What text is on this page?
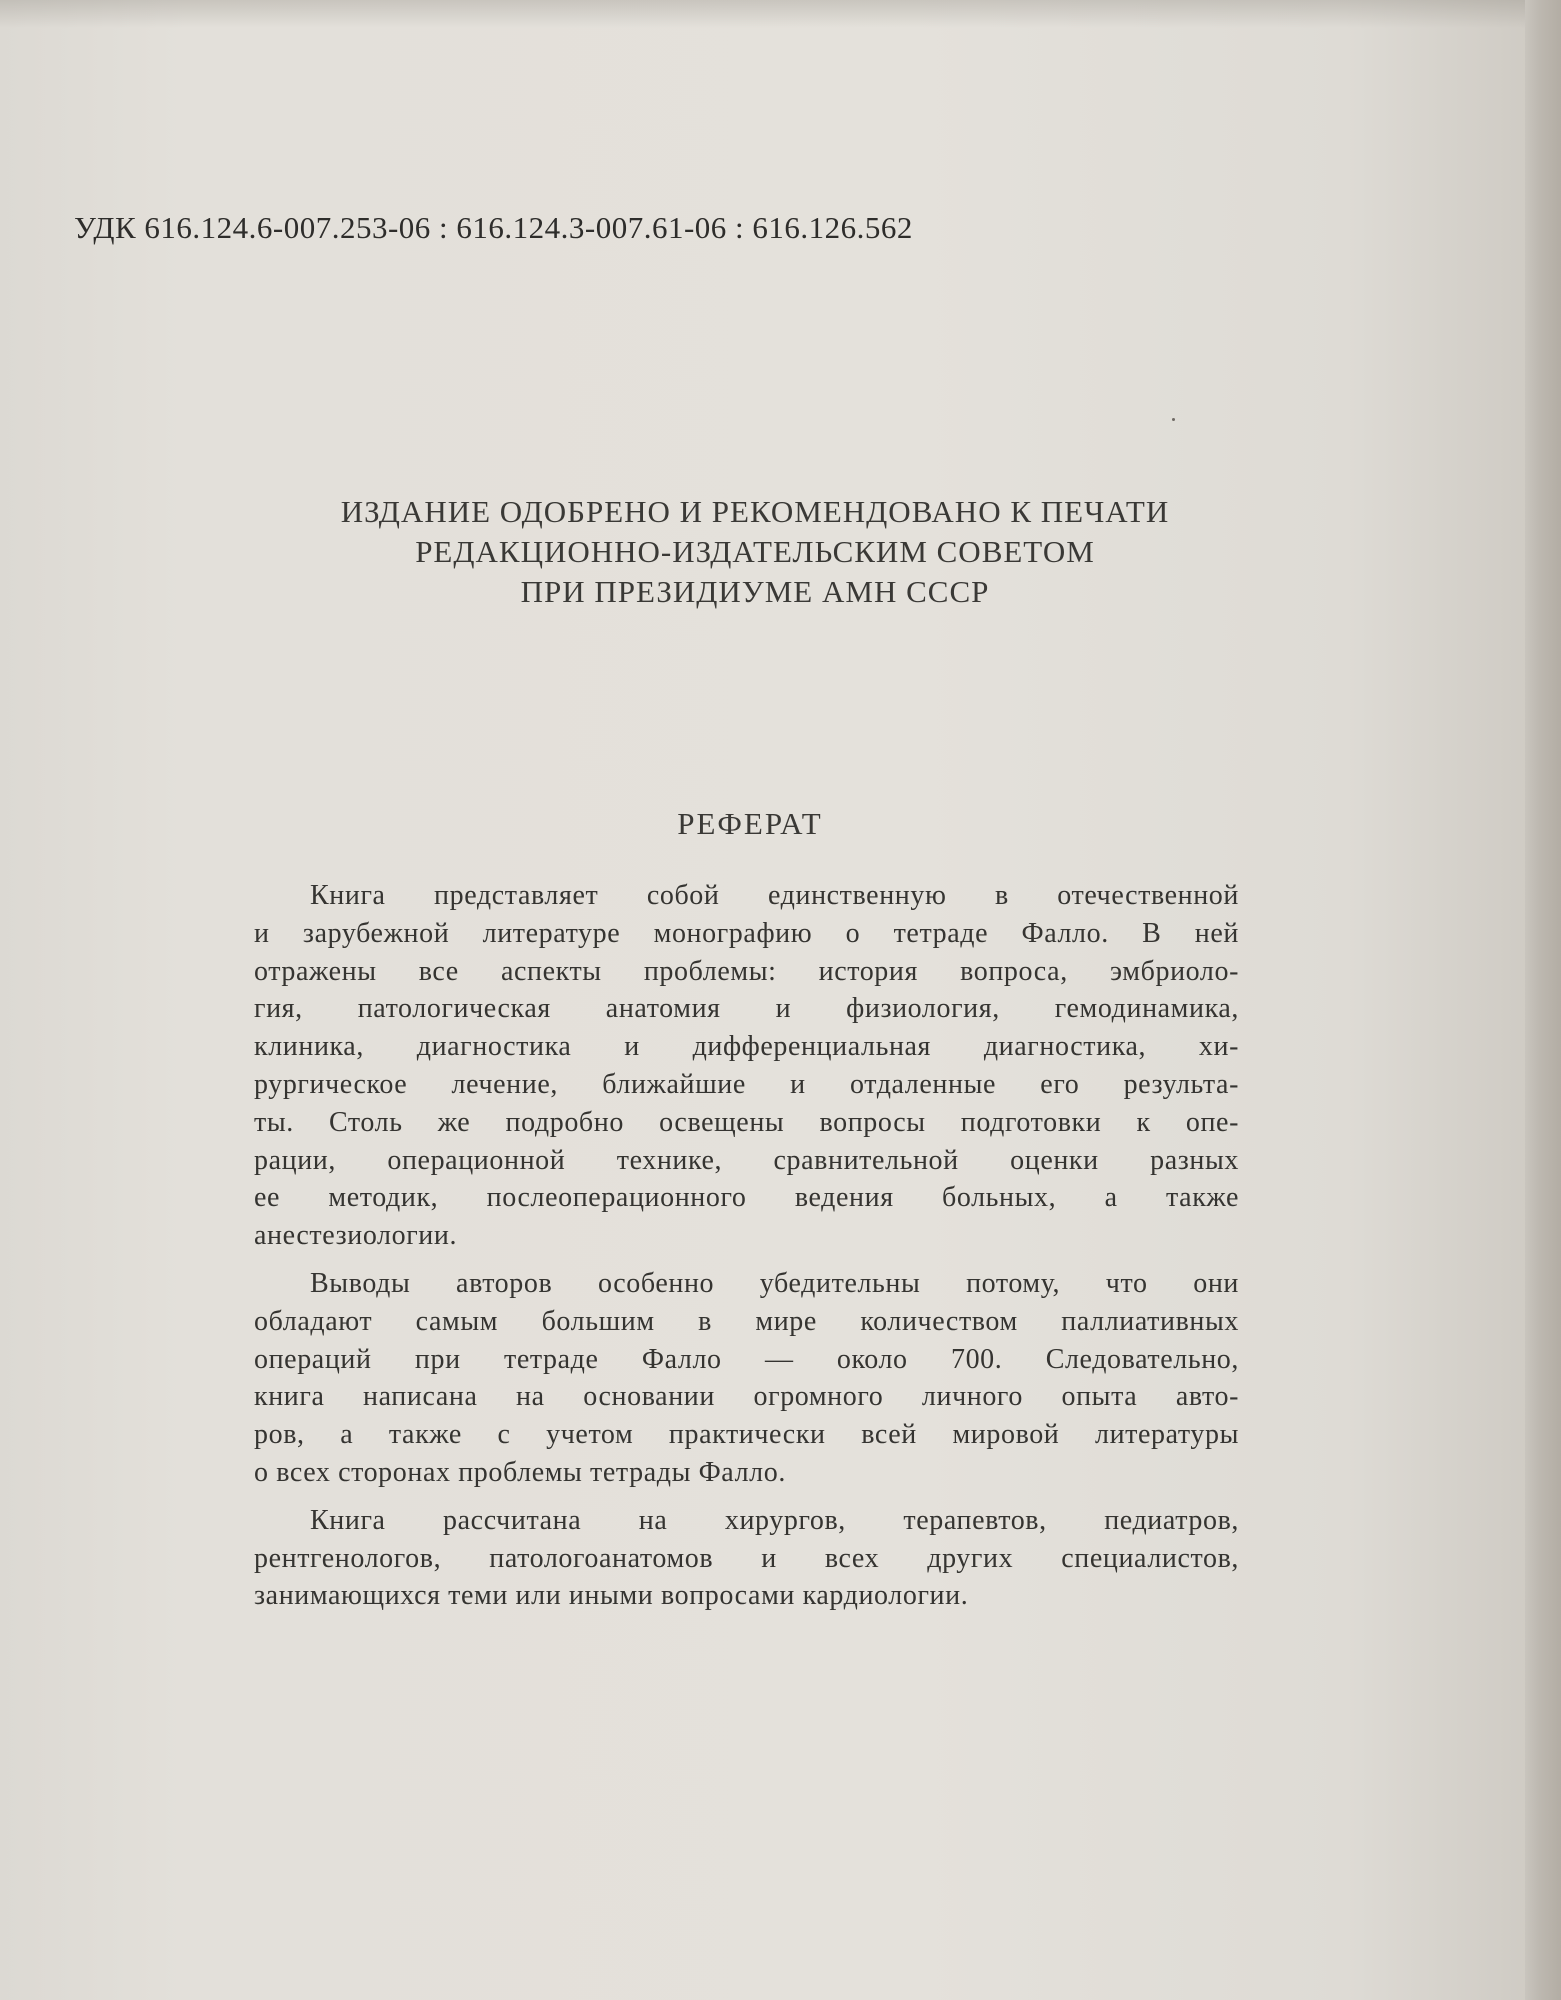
УДК 616.124.6-007.253-06 : 616.124.3-007.61-06 : 616.126.562
ИЗДАНИЕ ОДОБРЕНО И РЕКОМЕНДОВАНО К ПЕЧАТИ
РЕДАКЦИОННО-ИЗДАТЕЛЬСКИМ СОВЕТОМ
ПРИ ПРЕЗИДИУМЕ АМН СССР
РЕФЕРАТ
Книга представляет собой единственную в отечественной
и зарубежной литературе монографию о тетраде Фалло. В ней
отражены все аспекты проблемы: история вопроса, эмбриоло-
гия, патологическая анатомия и физиология, гемодинамика,
клиника, диагностика и дифференциальная диагностика, хи-
рургическое лечение, ближайшие и отдаленные его результа-
ты. Столь же подробно освещены вопросы подготовки к опе-
рации, операционной технике, сравнительной оценки разных
ее методик, послеоперационного ведения больных, а также
анестезиологии.
Выводы авторов особенно убедительны потому, что они
обладают самым большим в мире количеством паллиативных
операций при тетраде Фалло — около 700. Следовательно,
книга написана на основании огромного личного опыта авто-
ров, а также с учетом практически всей мировой литературы
о всех сторонах проблемы тетрады Фалло.
Книга рассчитана на хирургов, терапевтов, педиатров,
рентгенологов, патологоанатомов и всех других специалистов,
занимающихся теми или иными вопросами кардиологии.
